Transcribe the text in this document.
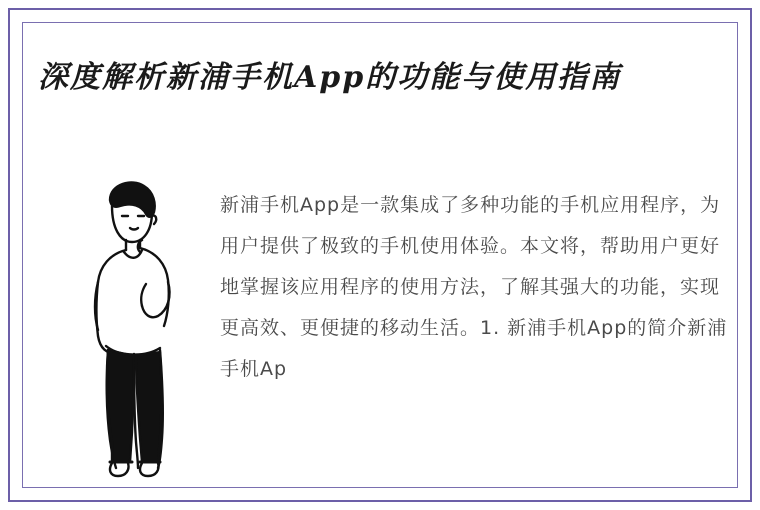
深度解析新浦手机App的功能与使用指南
新浦手机App是一款集成了多种功能的手机应用程序，为用户提供了极致的手机使用体验。本文将，帮助用户更好地掌握该应用程序的使用方法，了解其强大的功能，实现更高效、更便捷的移动生活。1. 新浦手机App的简介新浦手机Ap
